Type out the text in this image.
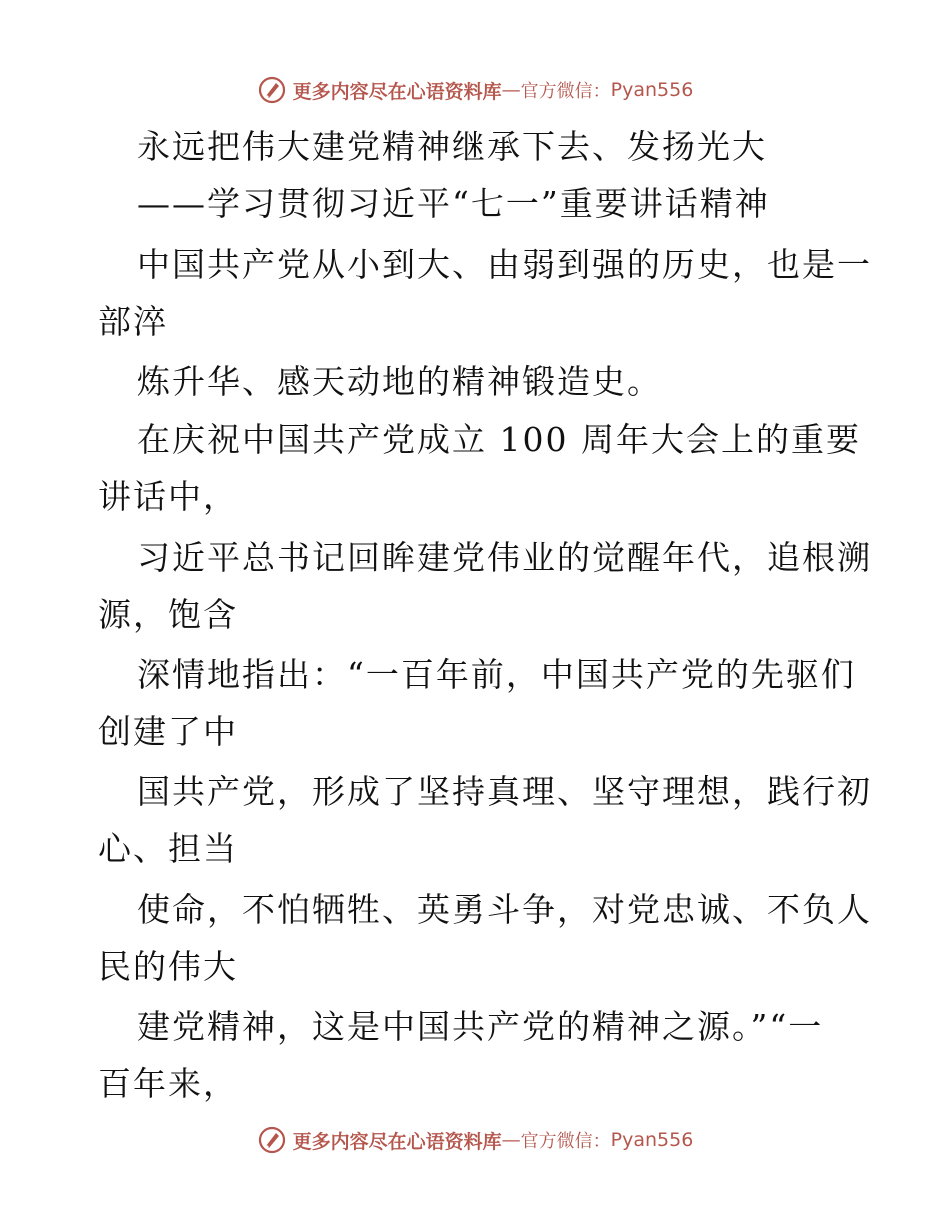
更多内容尽在心语资料库 — 官方微信： Pyan556
永远把伟大建党精神继承下去、发扬光大
——学习贯彻习近平“七一”重要讲话精神
中国共产党从小到大、由弱到强的历史，也是一
部淬
炼升华、感天动地的精神锻造史。
在庆祝中国共产党成立 100 周年大会上的重要
讲话中，
习近平总书记回眸建党伟业的觉醒年代，追根溯
源，饱含
深情地指出：“一百年前，中国共产党的先驱们
创建了中
国共产党，形成了坚持真理、坚守理想，践行初
心、担当
使命，不怕牺牲、英勇斗争，对党忠诚、不负人
民的伟大
建党精神，这是中国共产党的精神之源。”“一
百年来，
更多内容尽在心语资料库 — 官方微信： Pyan556
